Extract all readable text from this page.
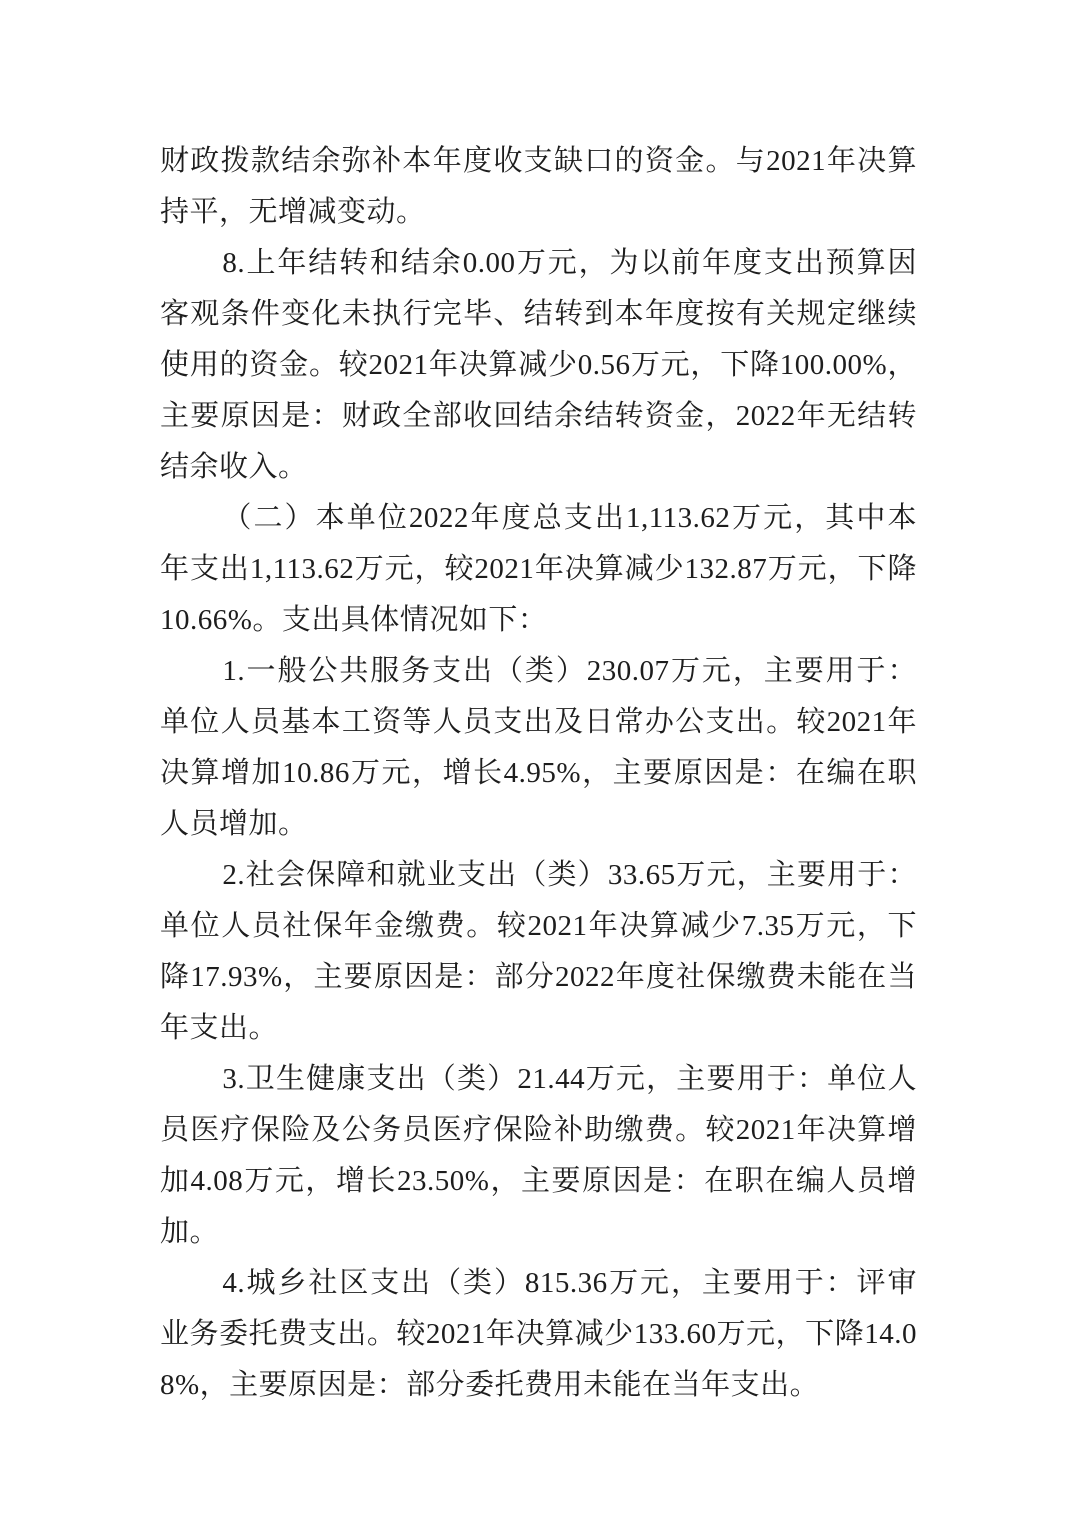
财政拨款结余弥补本年度收支缺口的资金。与2021年决算持平，无增减变动。

8.上年结转和结余0.00万元，为以前年度支出预算因客观条件变化未执行完毕、结转到本年度按有关规定继续使用的资金。较2021年决算减少0.56万元，下降100.00%，主要原因是：财政全部收回结余结转资金，2022年无结转结余收入。

（二）本单位2022年度总支出1,113.62万元，其中本年支出1,113.62万元，较2021年决算减少132.87万元，下降10.66%。支出具体情况如下：

1.一般公共服务支出（类）230.07万元，主要用于：单位人员基本工资等人员支出及日常办公支出。较2021年决算增加10.86万元，增长4.95%，主要原因是：在编在职人员增加。

2.社会保障和就业支出（类）33.65万元，主要用于：单位人员社保年金缴费。较2021年决算减少7.35万元，下降17.93%，主要原因是：部分2022年度社保缴费未能在当年支出。

3.卫生健康支出（类）21.44万元，主要用于：单位人员医疗保险及公务员医疗保险补助缴费。较2021年决算增加4.08万元，增长23.50%，主要原因是：在职在编人员增加。

4.城乡社区支出（类）815.36万元，主要用于：评审业务委托费支出。较2021年决算减少133.60万元，下降14.08%，主要原因是：部分委托费用未能在当年支出。
